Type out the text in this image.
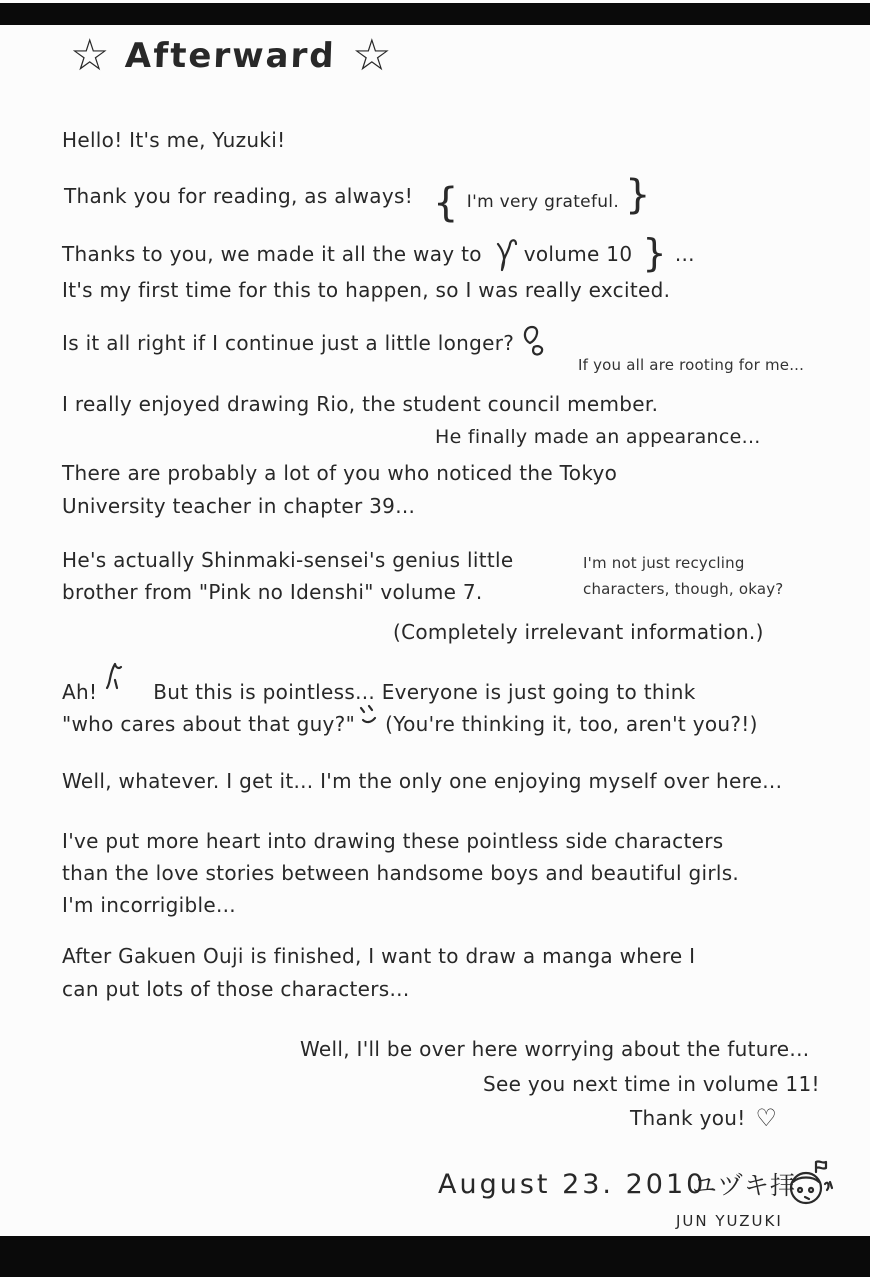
☆ Afterward ☆
Hello! It's me, Yuzuki!
Thank you for reading, as always! { I'm very grateful. }
Thanks to you, we made it all the way to volume 10 } ...
It's my first time for this to happen, so I was really excited.
Is it all right if I continue just a little longer?
If you all are rooting for me...
I really enjoyed drawing Rio, the student council member.
He finally made an appearance...
There are probably a lot of you who noticed the Tokyo
University teacher in chapter 39...
He's actually Shinmaki-sensei's genius little	I'm not just recycling
brother from "Pink no Idenshi" volume 7.	characters, though, okay?
(Completely irrelevant information.)
Ah!	But this is pointless... Everyone is just going to think
"who cares about that guy?" (You're thinking it, too, aren't you?!)
Well, whatever. I get it... I'm the only one enjoying myself over here...
I've put more heart into drawing these pointless side characters
than the love stories between handsome boys and beautiful girls.
I'm incorrigible...
After Gakuen Ouji is finished, I want to draw a manga where I
can put lots of those characters...
Well, I'll be over here worrying about the future...
See you next time in volume 11!
Thank you! ♡
August 23. 2010
ユヅキ拝
JUN YUZUKI
